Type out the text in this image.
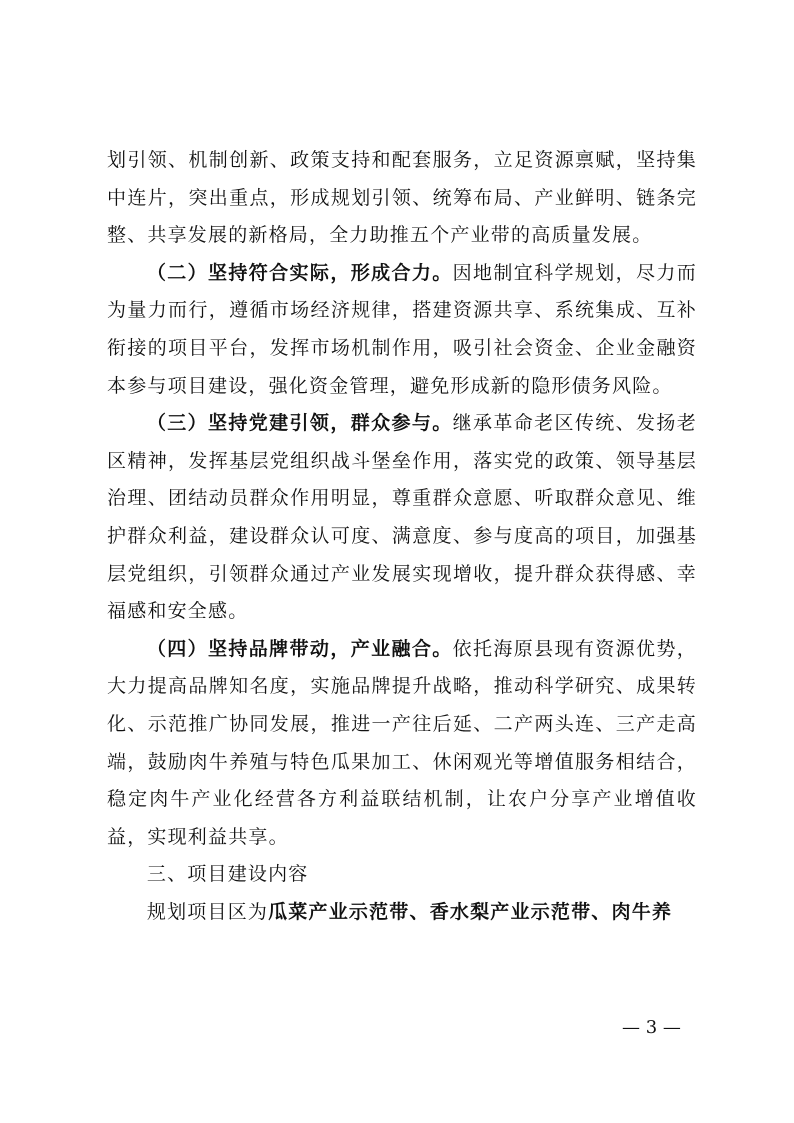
划引领、机制创新、政策支持和配套服务，立足资源禀赋，坚持集中连片，突出重点，形成规划引领、统筹布局、产业鲜明、链条完整、共享发展的新格局，全力助推五个产业带的高质量发展。

（二）坚持符合实际，形成合力。因地制宜科学规划，尽力而为量力而行，遵循市场经济规律，搭建资源共享、系统集成、互补衔接的项目平台，发挥市场机制作用，吸引社会资金、企业金融资本参与项目建设，强化资金管理，避免形成新的隐形债务风险。

（三）坚持党建引领，群众参与。继承革命老区传统、发扬老区精神，发挥基层党组织战斗堡垒作用，落实党的政策、领导基层治理、团结动员群众作用明显，尊重群众意愿、听取群众意见、维护群众利益，建设群众认可度、满意度、参与度高的项目，加强基层党组织，引领群众通过产业发展实现增收，提升群众获得感、幸福感和安全感。

（四）坚持品牌带动，产业融合。依托海原县现有资源优势，大力提高品牌知名度，实施品牌提升战略，推动科学研究、成果转化、示范推广协同发展，推进一产往后延、二产两头连、三产走高端，鼓励肉牛养殖与特色瓜果加工、休闲观光等增值服务相结合，稳定肉牛产业化经营各方利益联结机制，让农户分享产业增值收益，实现利益共享。

三、项目建设内容

规划项目区为瓜菜产业示范带、香水梨产业示范带、肉牛养

— 3 —
